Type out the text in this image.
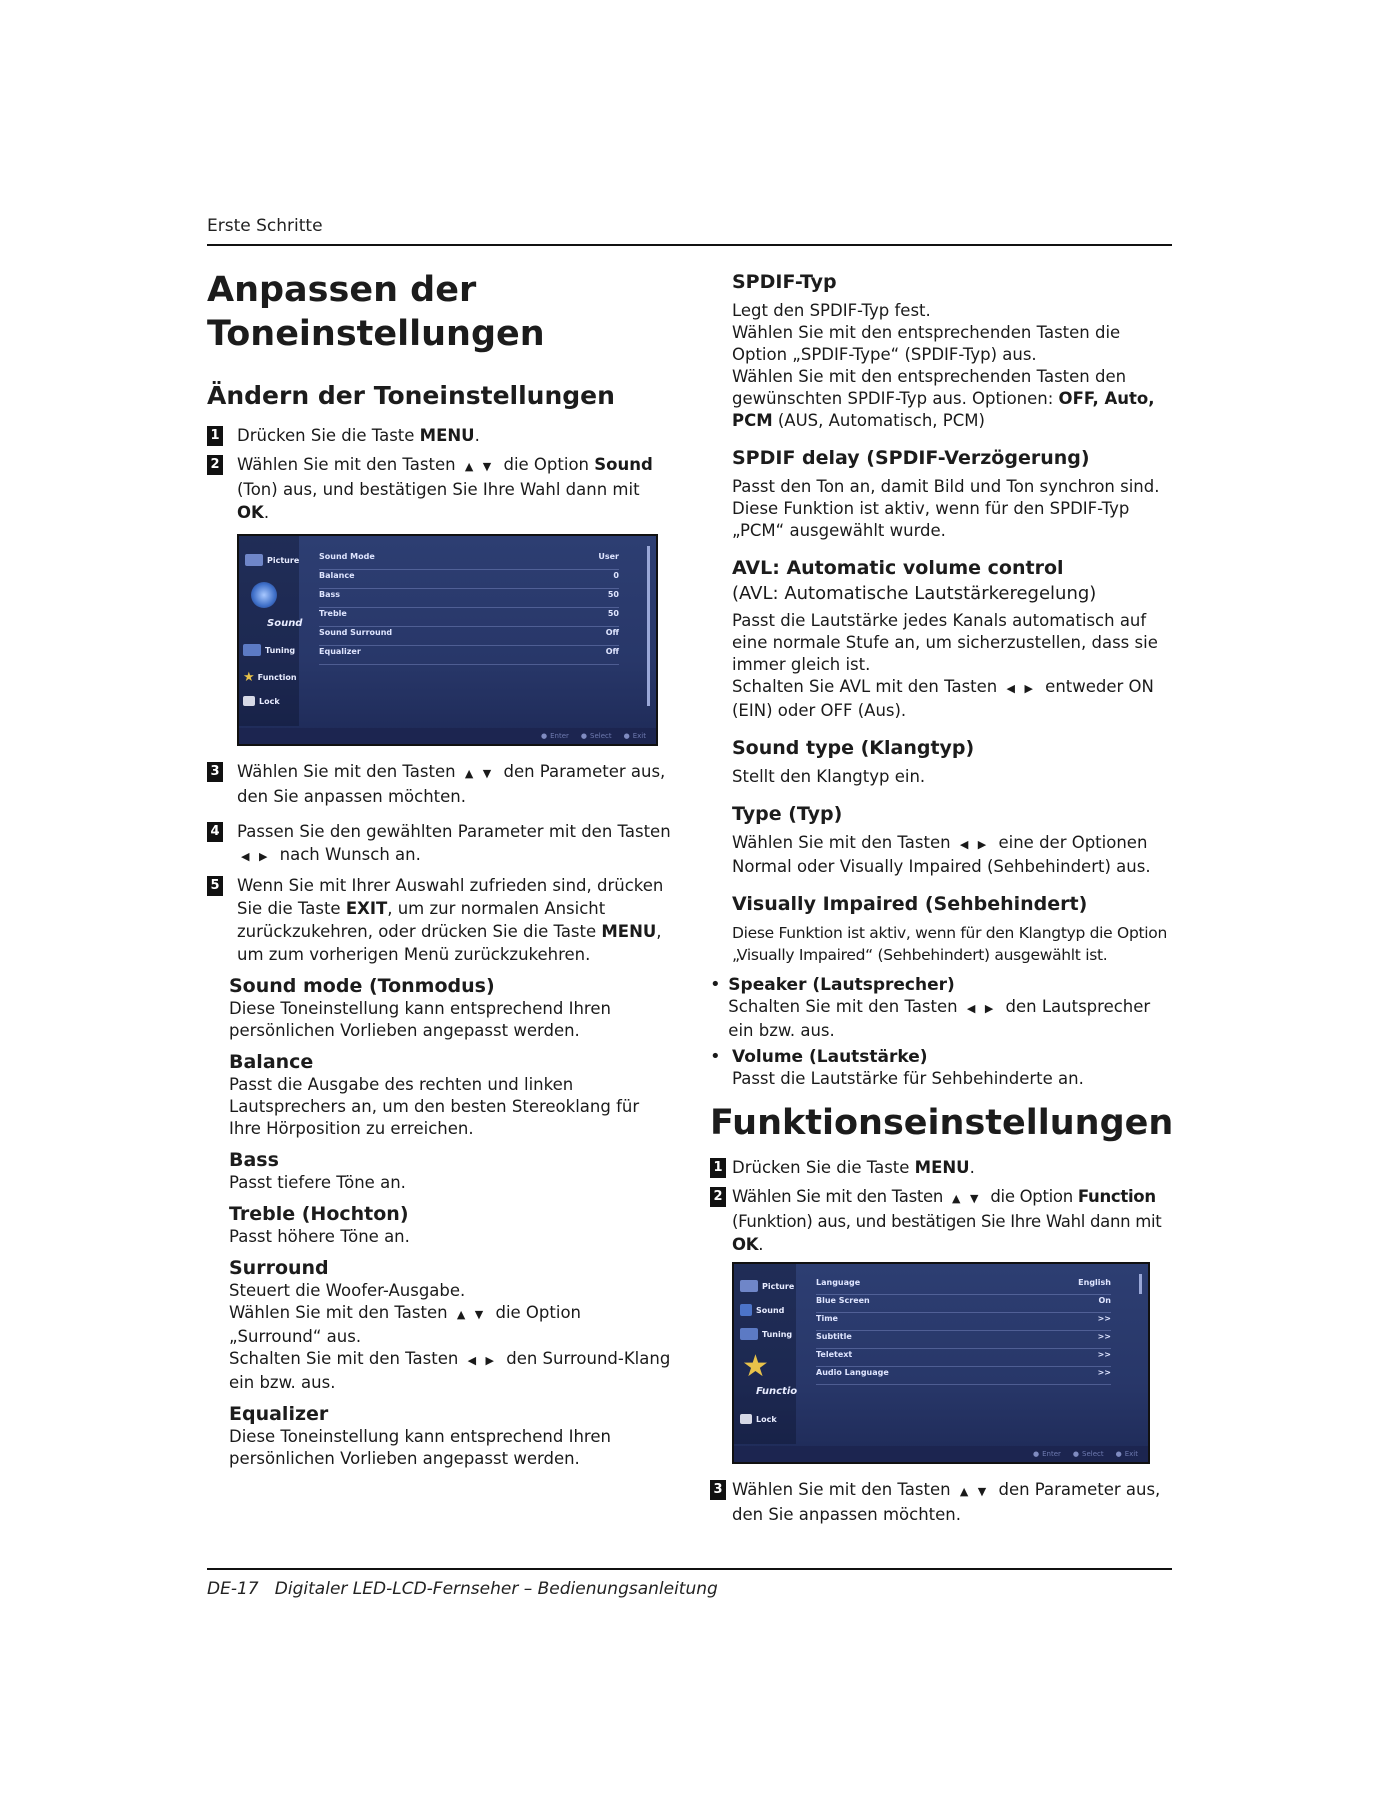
Erste Schritte
Anpassen der Toneinstellungen
Ändern der Toneinstellungen
1 Drücken Sie die Taste MENU.
2 Wählen Sie mit den Tasten ▲ ▼ die Option Sound (Ton) aus, und bestätigen Sie Ihre Wahl dann mit OK.
Picture
Sound
Tuning
★ Function
Lock
Sound Mode	User
Balance	0
Bass	50
Treble	50
Sound Surround	Off
Equalizer	Off
● Enter	● Select	● Exit
3 Wählen Sie mit den Tasten ▲ ▼ den Parameter aus, den Sie anpassen möchten.
4 Passen Sie den gewählten Parameter mit den Tasten ◀ ▶ nach Wunsch an.
5 Wenn Sie mit Ihrer Auswahl zufrieden sind, drücken Sie die Taste EXIT, um zur normalen Ansicht zurückzukehren, oder drücken Sie die Taste MENU, um zum vorherigen Menü zurückzukehren.
Sound mode (Tonmodus)

Diese Toneinstellung kann entsprechend Ihren persönlichen Vorlieben angepasst werden.

Balance

Passt die Ausgabe des rechten und linken Lautsprechers an, um den besten Stereoklang für Ihre Hörposition zu erreichen.

Bass

Passt tiefere Töne an.

Treble (Hochton)

Passt höhere Töne an.

Surround

Steuert die Woofer-Ausgabe.

Wählen Sie mit den Tasten ▲ ▼ die Option „Surround“ aus.

Schalten Sie mit den Tasten ◀ ▶ den Surround-Klang ein bzw. aus.

Equalizer

Diese Toneinstellung kann entsprechend Ihren persönlichen Vorlieben angepasst werden.

SPDIF-Typ

Legt den SPDIF-Typ fest.

Wählen Sie mit den entsprechenden Tasten die Option „SPDIF-Type“ (SPDIF-Typ) aus.

Wählen Sie mit den entsprechenden Tasten den gewünschten SPDIF-Typ aus. Optionen: OFF, Auto, PCM (AUS, Automatisch, PCM)

SPDIF delay (SPDIF-Verzögerung)

Passt den Ton an, damit Bild und Ton synchron sind. Diese Funktion ist aktiv, wenn für den SPDIF-Typ „PCM“ ausgewählt wurde.

AVL: Automatic volume control

(AVL: Automatische Lautstärkeregelung)

Passt die Lautstärke jedes Kanals automatisch auf eine normale Stufe an, um sicherzustellen, dass sie immer gleich ist.

Schalten Sie AVL mit den Tasten ◀ ▶ entweder ON (EIN) oder OFF (Aus).

Sound type (Klangtyp)

Stellt den Klangtyp ein.

Type (Typ)

Wählen Sie mit den Tasten ◀ ▶ eine der Optionen Normal oder Visually Impaired (Sehbehindert) aus.

Visually Impaired (Sehbehindert)

Diese Funktion ist aktiv, wenn für den Klangtyp die Option „Visually Impaired“ (Sehbehindert) ausgewählt ist.

• Speaker (Lautsprecher)

Schalten Sie mit den Tasten ◀ ▶ den Lautsprecher ein bzw. aus.

• Volume (Lautstärke)

Passt die Lautstärke für Sehbehinderte an.

Funktionseinstellungen
1 Drücken Sie die Taste MENU.
2 Wählen Sie mit den Tasten ▲ ▼ die Option Function (Funktion) aus, und bestätigen Sie Ihre Wahl dann mit OK.
Picture
Sound
Tuning
★
Functio
Lock
Language	English
Blue Screen	On
Time	>>
Subtitle	>>
Teletext	>>
Audio Language	>>
● Enter	● Select	● Exit
3 Wählen Sie mit den Tasten ▲ ▼ den Parameter aus, den Sie anpassen möchten.
DE-17   Digitaler LED-LCD-Fernseher – Bedienungsanleitung
